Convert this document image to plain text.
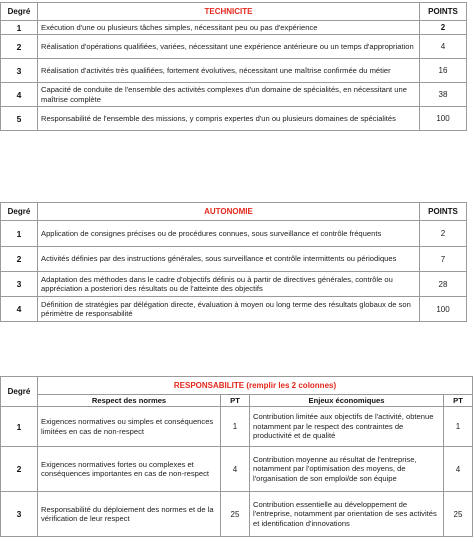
Degré	TECHNICITE	POINTS
1	Exécution d'une ou plusieurs tâches simples, nécessitant peu ou pas d'expérience	2
2	Réalisation d'opérations qualifiées, variées, nécessitant une expérience antérieure ou un temps d'appropriation	4
3	Réalisation d'activités très qualifiées, fortement évolutives, nécessitant une maîtrise confirmée du métier	16
4	Capacité de conduite de l'ensemble des activités complexes d'un domaine de spécialités, en nécessitant une maîtrise complète	38
5	Responsabilité de l'ensemble des missions, y compris expertes d'un ou plusieurs domaines de spécialités	100
Degré	AUTONOMIE	POINTS
1	Application de consignes précises ou de procédures connues, sous surveillance et contrôle fréquents	2
2	Activités définies par des instructions générales, sous surveillance et contrôle intermittents ou périodiques	7
3	Adaptation des méthodes dans le cadre d'objectifs définis ou à partir de directives générales, contrôle ou appréciation a posteriori des résultats ou de l'atteinte des objectifs	28
4	Définition de stratégies par délégation directe, évaluation à moyen ou long terme des résultats globaux de son périmètre de responsabilité	100
Degré	RESPONSABILITE (remplir les 2 colonnes)			
	Respect des normes	PT	Enjeux économiques	PT
1	Exigences normatives ou simples et conséquences limitées en cas de non-respect	1	Contribution limitée aux objectifs de l'activité, obtenue notamment par le respect des contraintes de productivité et de qualité	1
2	Exigences normatives fortes ou complexes et conséquences importantes en cas de non-respect	4	Contribution moyenne au résultat de l'entreprise, notamment par l'optimisation des moyens, de l'organisation de son emploi/de son équipe	4
3	Responsabilité du déploiement des normes et de la vérification de leur respect	25	Contribution essentielle au développement de l'entreprise, notamment par orientation de ses activités et identification d'innovations	25
